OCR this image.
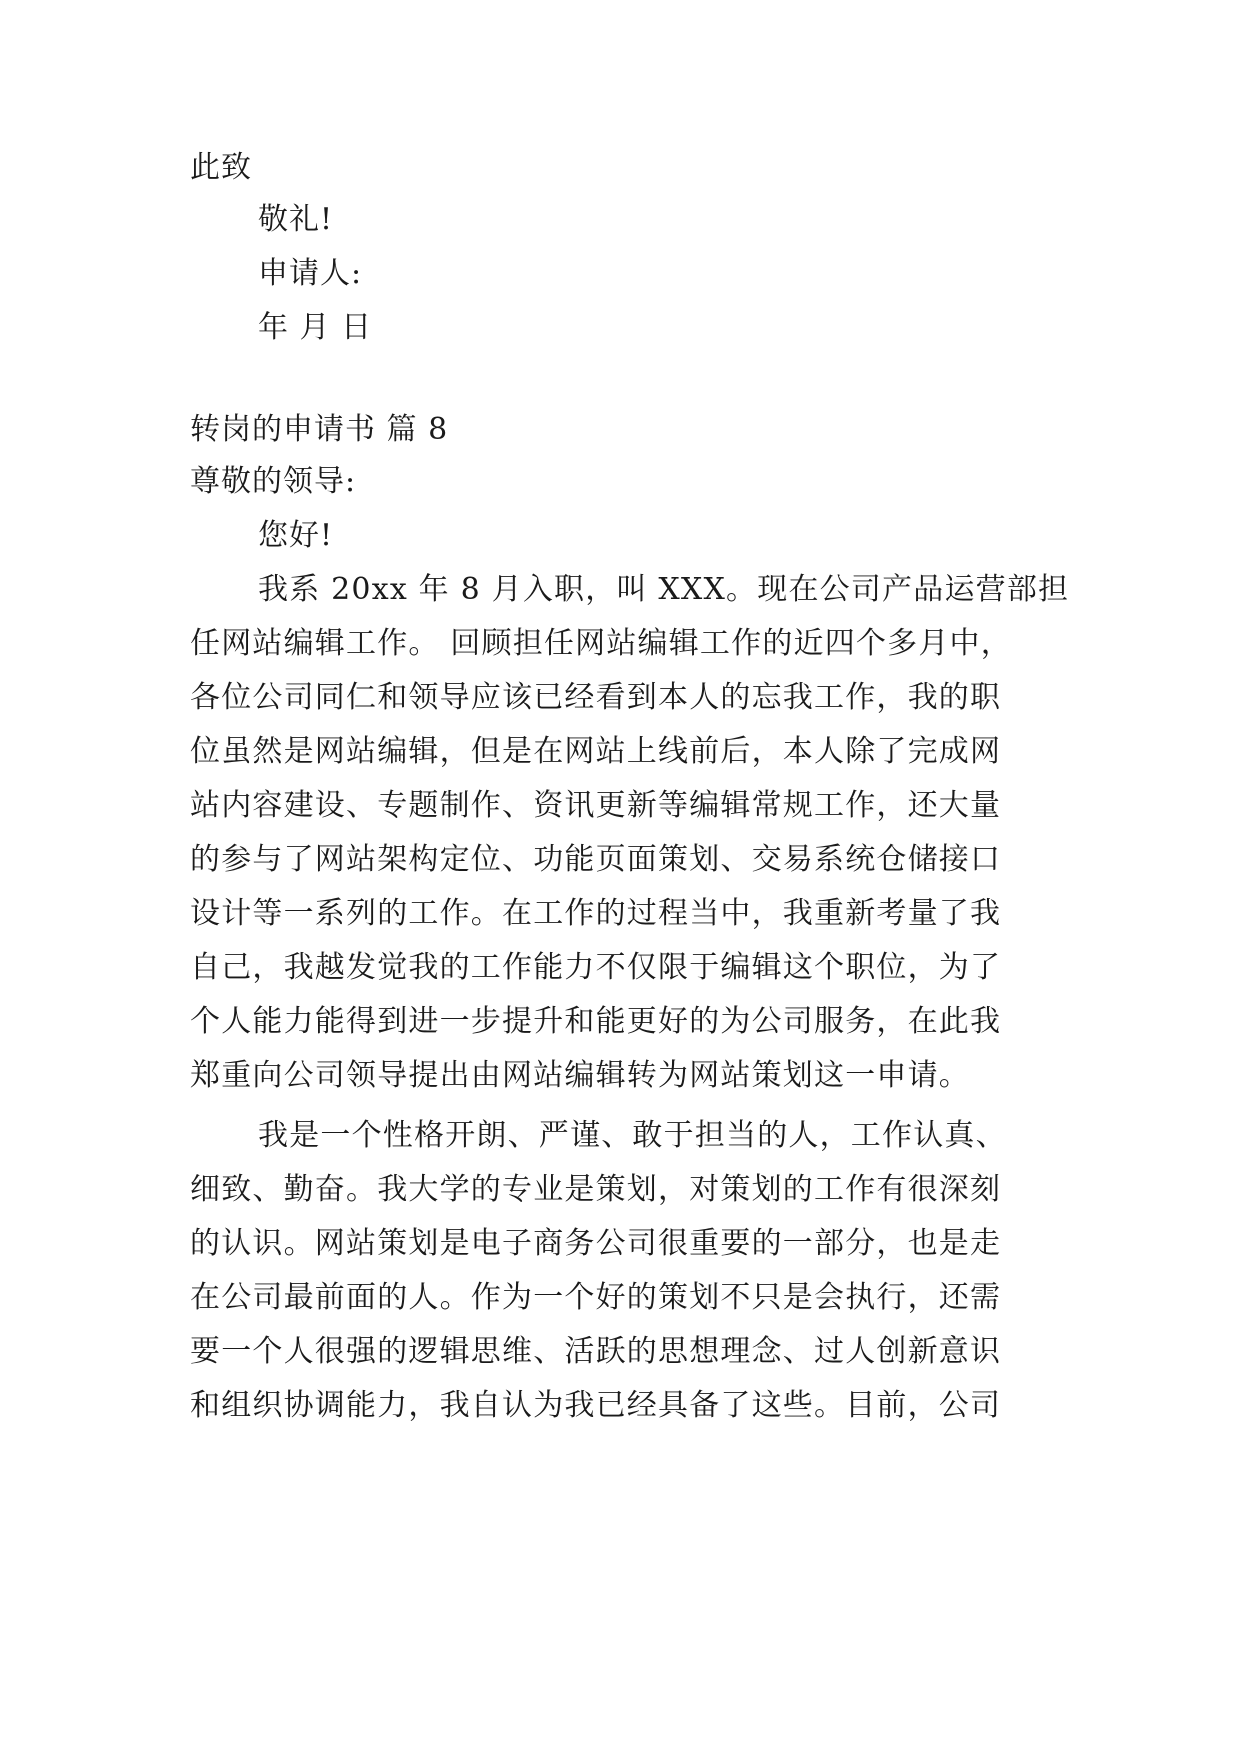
此致
敬礼!
申请人:
年 月 日
转岗的申请书 篇 8
尊敬的领导:
您好!
我系 20xx 年 8 月入职，叫 XXX。现在公司产品运营部担
任网站编辑工作。 回顾担任网站编辑工作的近四个多月中，
各位公司同仁和领导应该已经看到本人的忘我工作，我的职
位虽然是网站编辑，但是在网站上线前后，本人除了完成网
站内容建设、专题制作、资讯更新等编辑常规工作，还大量
的参与了网站架构定位、功能页面策划、交易系统仓储接口
设计等一系列的工作。在工作的过程当中，我重新考量了我
自己，我越发觉我的工作能力不仅限于编辑这个职位，为了
个人能力能得到进一步提升和能更好的为公司服务，在此我
郑重向公司领导提出由网站编辑转为网站策划这一申请。
我是一个性格开朗、严谨、敢于担当的人，工作认真、
细致、勤奋。我大学的专业是策划，对策划的工作有很深刻
的认识。网站策划是电子商务公司很重要的一部分，也是走
在公司最前面的人。作为一个好的策划不只是会执行，还需
要一个人很强的逻辑思维、活跃的思想理念、过人创新意识
和组织协调能力，我自认为我已经具备了这些。目前，公司
